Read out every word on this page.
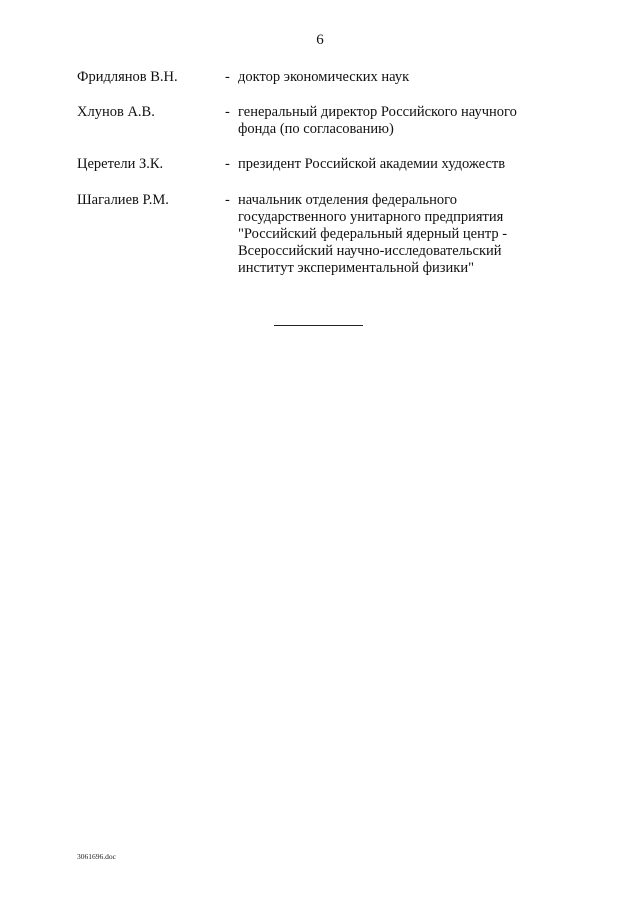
6
Фридлянов В.Н.	- доктор экономических наук
Хлунов А.В.	- генеральный директор Российского научного
фонда (по согласованию)
Церетели З.К.	- президент Российской академии художеств
Шагалиев Р.М.	- начальник отделения федерального
государственного унитарного предприятия
"Российский федеральный ядерный центр -
Всероссийский научно-исследовательский
институт экспериментальной физики"
3061696.doc
